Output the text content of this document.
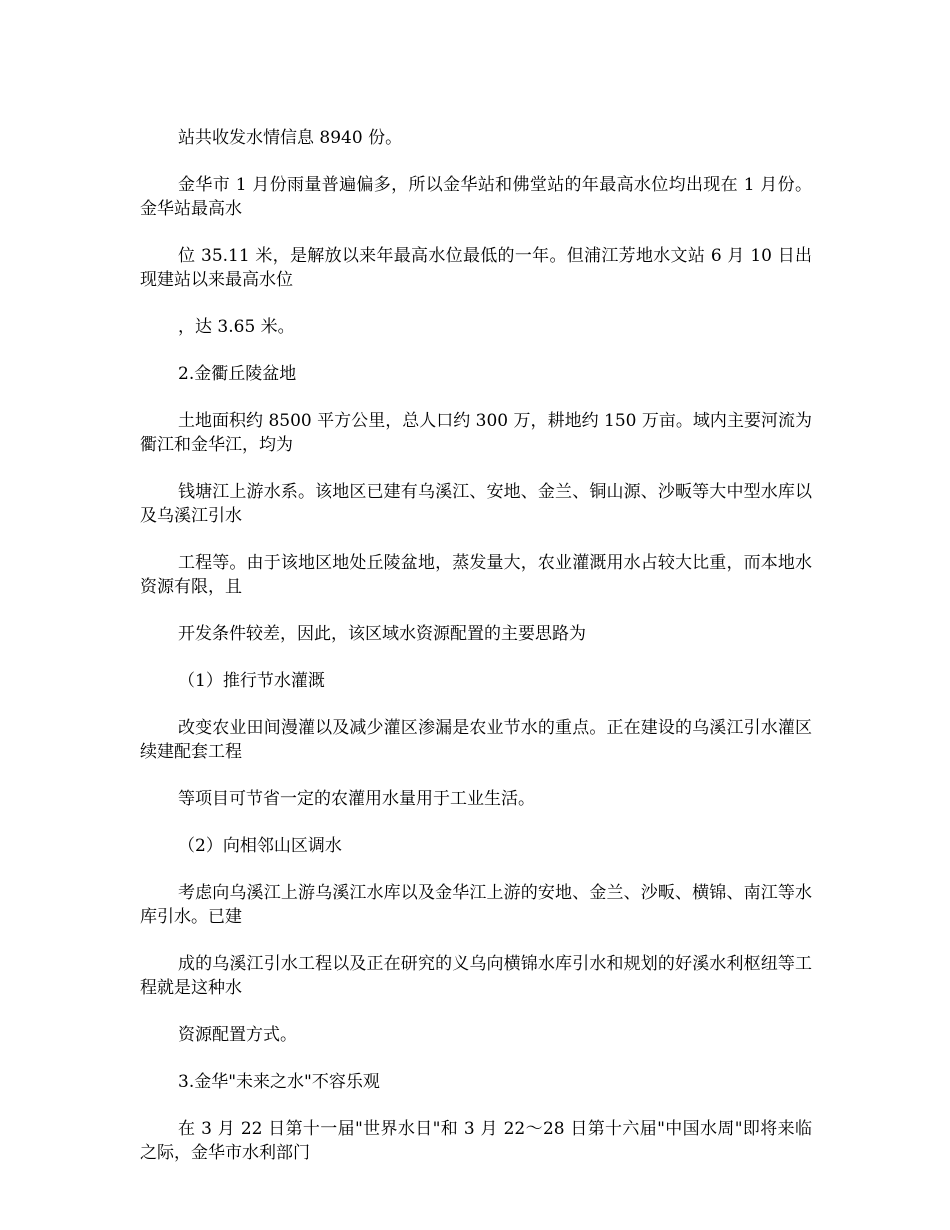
站共收发水情信息 8940 份。

金华市 1 月份雨量普遍偏多，所以金华站和佛堂站的年最高水位均出现在 1 月份。金华站最高水

位 35.11 米，是解放以来年最高水位最低的一年。但浦江芳地水文站 6 月 10 日出现建站以来最高水位

，达 3.65 米。

2.金衢丘陵盆地

土地面积约 8500 平方公里，总人口约 300 万，耕地约 150 万亩。域内主要河流为衢江和金华江，均为

钱塘江上游水系。该地区已建有乌溪江、安地、金兰、铜山源、沙畈等大中型水库以及乌溪江引水

工程等。由于该地区地处丘陵盆地，蒸发量大，农业灌溉用水占较大比重，而本地水资源有限，且

开发条件较差，因此，该区域水资源配置的主要思路为

（1）推行节水灌溉

改变农业田间漫灌以及减少灌区渗漏是农业节水的重点。正在建设的乌溪江引水灌区续建配套工程

等项目可节省一定的农灌用水量用于工业生活。

（2）向相邻山区调水

考虑向乌溪江上游乌溪江水库以及金华江上游的安地、金兰、沙畈、横锦、南江等水库引水。已建

成的乌溪江引水工程以及正在研究的义乌向横锦水库引水和规划的好溪水利枢纽等工程就是这种水

资源配置方式。

3.金华"未来之水"不容乐观

在 3 月 22 日第十一届"世界水日"和 3 月 22～28 日第十六届"中国水周"即将来临之际，金华市水利部门
